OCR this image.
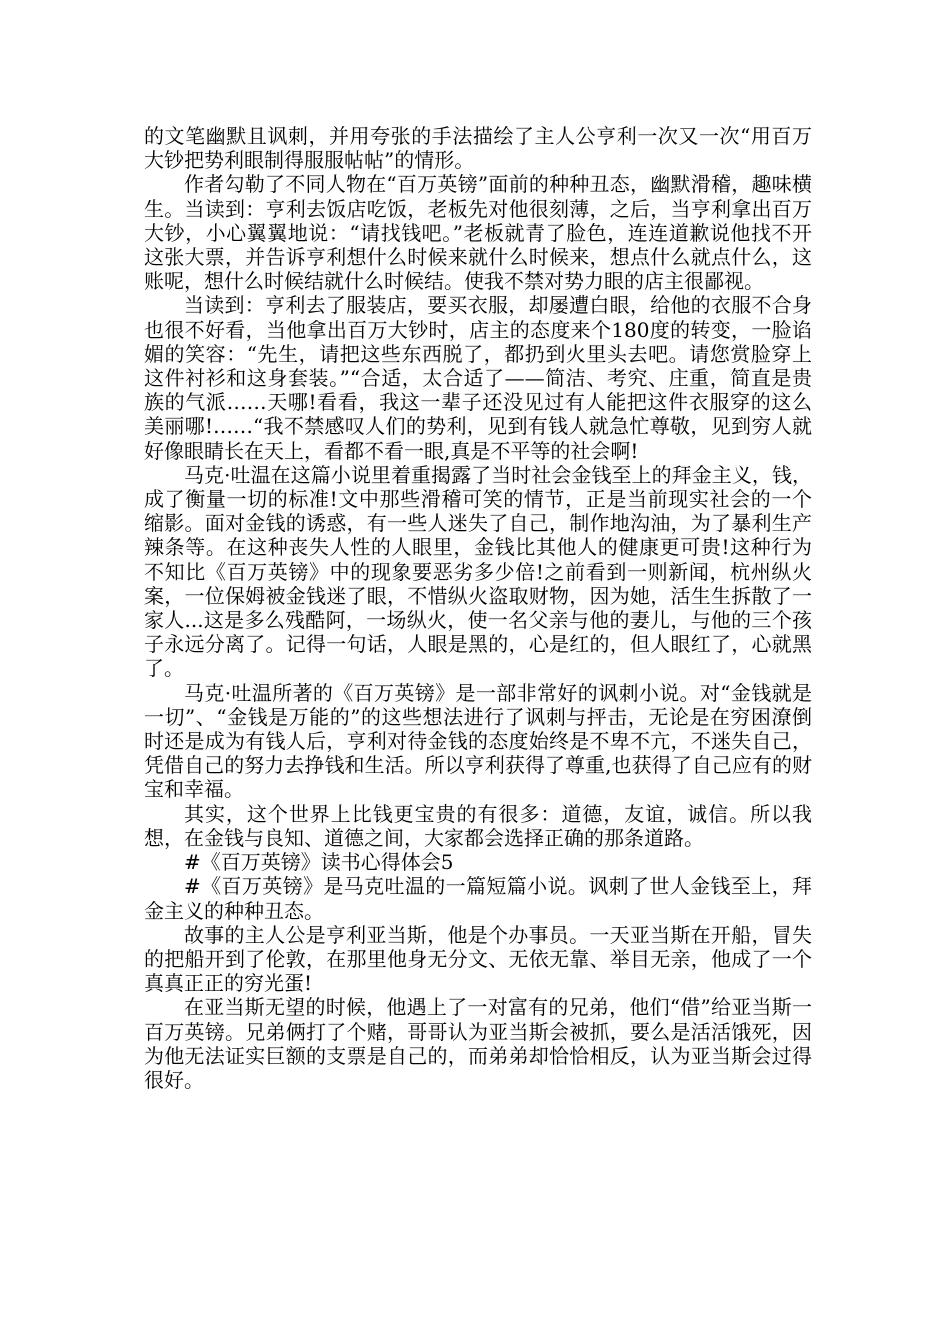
的文笔幽默且讽刺，并用夸张的手法描绘了主人公亨利一次又一次“用百万大钞把势利眼制得服服帖帖”的情形。

作者勾勒了不同人物在“百万英镑”面前的种种丑态，幽默滑稽，趣味横生。当读到：亨利去饭店吃饭，老板先对他很刻薄，之后，当亨利拿出百万大钞，小心翼翼地说：“请找钱吧。”老板就青了脸色，连连道歉说他找不开这张大票，并告诉亨利想什么时候来就什么时候来，想点什么就点什么，这账呢，想什么时候结就什么时候结。使我不禁对势力眼的店主很鄙视。

当读到：亨利去了服装店，要买衣服，却屡遭白眼，给他的衣服不合身也很不好看，当他拿出百万大钞时，店主的态度来个180度的转变，一脸谄媚的笑容：“先生，请把这些东西脱了，都扔到火里头去吧。请您赏脸穿上这件衬衫和这身套装。”“合适，太合适了——简洁、考究、庄重，简直是贵族的气派……天哪!看看，我这一辈子还没见过有人能把这件衣服穿的这么美丽哪!……“我不禁感叹人们的势利，见到有钱人就急忙尊敬，见到穷人就好像眼睛长在天上，看都不看一眼,真是不平等的社会啊!

马克·吐温在这篇小说里着重揭露了当时社会金钱至上的拜金主义，钱，成了衡量一切的标准!文中那些滑稽可笑的情节，正是当前现实社会的一个缩影。面对金钱的诱惑，有一些人迷失了自己，制作地沟油，为了暴利生产辣条等。在这种丧失人性的人眼里，金钱比其他人的健康更可贵!这种行为不知比《百万英镑》中的现象要恶劣多少倍!之前看到一则新闻，杭州纵火案，一位保姆被金钱迷了眼，不惜纵火盗取财物，因为她，活生生拆散了一家人...这是多么残酷阿，一场纵火，使一名父亲与他的妻儿，与他的三个孩子永远分离了。记得一句话，人眼是黑的，心是红的，但人眼红了，心就黑了。

马克·吐温所著的《百万英镑》是一部非常好的讽刺小说。对“金钱就是一切”、“金钱是万能的”的这些想法进行了讽刺与抨击，无论是在穷困潦倒时还是成为有钱人后，亨利对待金钱的态度始终是不卑不亢，不迷失自己，凭借自己的努力去挣钱和生活。所以亨利获得了尊重,也获得了自己应有的财宝和幸福。

其实，这个世界上比钱更宝贵的有很多：道德，友谊，诚信。所以我想，在金钱与良知、道德之间，大家都会选择正确的那条道路。

#《百万英镑》读书心得体会5

#《百万英镑》是马克吐温的一篇短篇小说。讽刺了世人金钱至上，拜金主义的种种丑态。

故事的主人公是亨利亚当斯，他是个办事员。一天亚当斯在开船，冒失的把船开到了伦敦，在那里他身无分文、无依无靠、举目无亲，他成了一个真真正正的穷光蛋!

在亚当斯无望的时候，他遇上了一对富有的兄弟，他们“借”给亚当斯一百万英镑。兄弟俩打了个赌，哥哥认为亚当斯会被抓，要么是活活饿死，因为他无法证实巨额的支票是自己的，而弟弟却恰恰相反，认为亚当斯会过得很好。
